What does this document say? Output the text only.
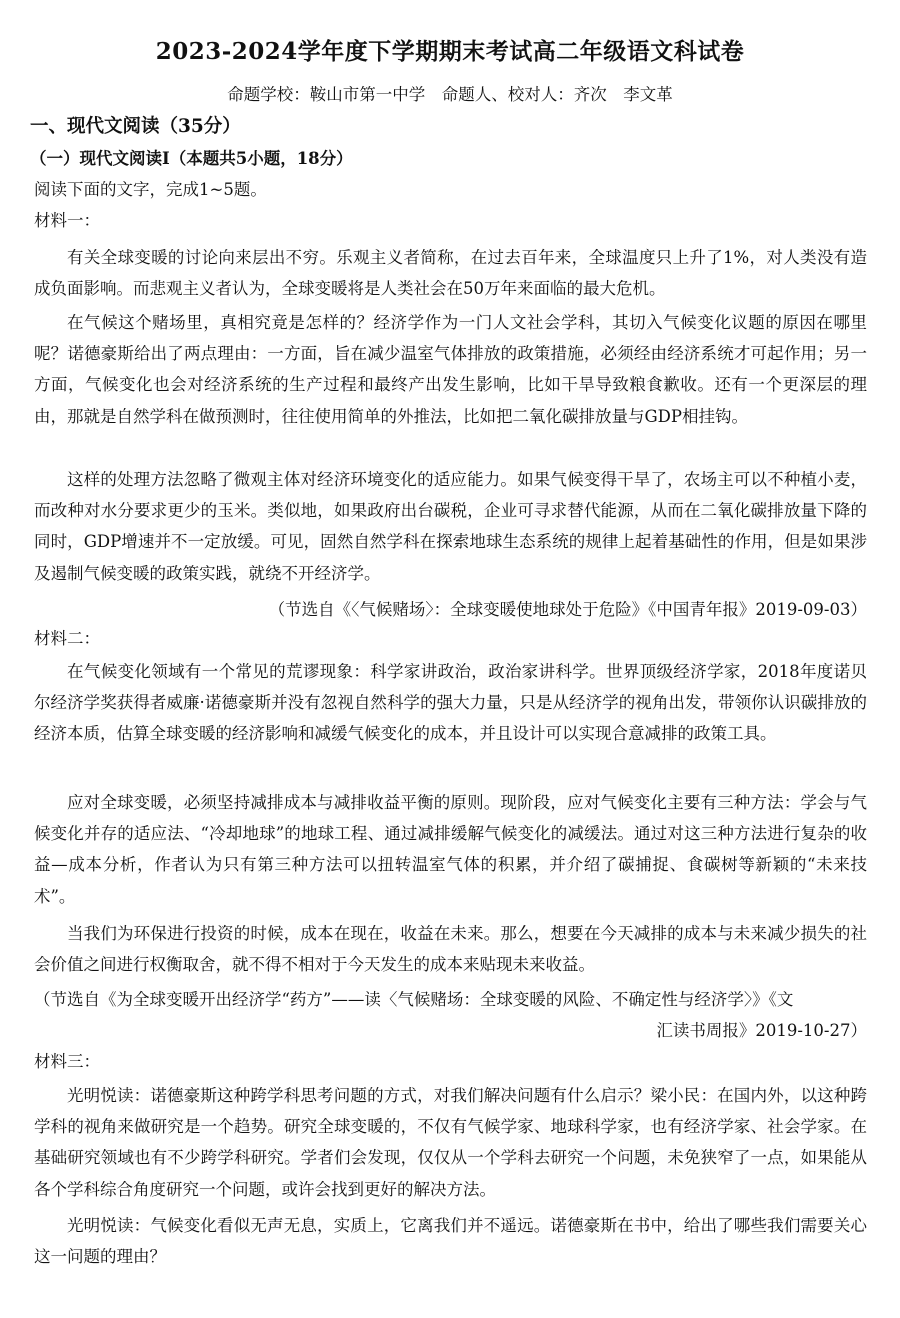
2023-2024学年度下学期期末考试高二年级语文科试卷
命题学校：鞍山市第一中学　命题人、校对人：齐次　李文革
一、现代文阅读（35分）
（一）现代文阅读Ⅰ（本题共5小题，18分）
阅读下面的文字，完成1~5题。
材料一：
有关全球变暖的讨论向来层出不穷。乐观主义者简称，在过去百年来，全球温度只上升了1%，对人类没有造成负面影响。而悲观主义者认为，全球变暖将是人类社会在50万年来面临的最大危机。
在气候这个赌场里，真相究竟是怎样的？经济学作为一门人文社会学科，其切入气候变化议题的原因在哪里呢？诺德豪斯给出了两点理由：一方面，旨在减少温室气体排放的政策措施，必须经由经济系统才可起作用；另一方面，气候变化也会对经济系统的生产过程和最终产出发生影响，比如干旱导致粮食歉收。还有一个更深层的理由，那就是自然学科在做预测时，往往使用简单的外推法，比如把二氧化碳排放量与GDP相挂钩。
这样的处理方法忽略了微观主体对经济环境变化的适应能力。如果气候变得干旱了，农场主可以不种植小麦，而改种对水分要求更少的玉米。类似地，如果政府出台碳税，企业可寻求替代能源，从而在二氧化碳排放量下降的同时，GDP增速并不一定放缓。可见，固然自然学科在探索地球生态系统的规律上起着基础性的作用，但是如果涉及遏制气候变暖的政策实践，就绕不开经济学。
（节选自《〈气候赌场〉：全球变暖使地球处于危险》《中国青年报》2019-09-03）
材料二：
在气候变化领域有一个常见的荒谬现象：科学家讲政治，政治家讲科学。世界顶级经济学家，2018年度诺贝尔经济学奖获得者威廉·诺德豪斯并没有忽视自然科学的强大力量，只是从经济学的视角出发，带领你认识碳排放的经济本质，估算全球变暖的经济影响和减缓气候变化的成本，并且设计可以实现合意减排的政策工具。
应对全球变暖，必须坚持减排成本与减排收益平衡的原则。现阶段，应对气候变化主要有三种方法：学会与气候变化并存的适应法、“冷却地球”的地球工程、通过减排缓解气候变化的减缓法。通过对这三种方法进行复杂的收益—成本分析，作者认为只有第三种方法可以扭转温室气体的积累，并介绍了碳捕捉、食碳树等新颖的“未来技术”。
当我们为环保进行投资的时候，成本在现在，收益在未来。那么，想要在今天减排的成本与未来减少损失的社会价值之间进行权衡取舍，就不得不相对于今天发生的成本来贴现未来收益。
（节选自《为全球变暖开出经济学“药方”——读〈气候赌场：全球变暖的风险、不确定性与经济学〉》《文
汇读书周报》2019-10-27）
材料三：
光明悦读：诺德豪斯这种跨学科思考问题的方式，对我们解决问题有什么启示？梁小民：在国内外，以这种跨学科的视角来做研究是一个趋势。研究全球变暖的，不仅有气候学家、地球科学家，也有经济学家、社会学家。在基础研究领域也有不少跨学科研究。学者们会发现，仅仅从一个学科去研究一个问题，未免狭窄了一点，如果能从各个学科综合角度研究一个问题，或许会找到更好的解决方法。
光明悦读：气候变化看似无声无息，实质上，它离我们并不遥远。诺德豪斯在书中，给出了哪些我们需要关心这一问题的理由？
